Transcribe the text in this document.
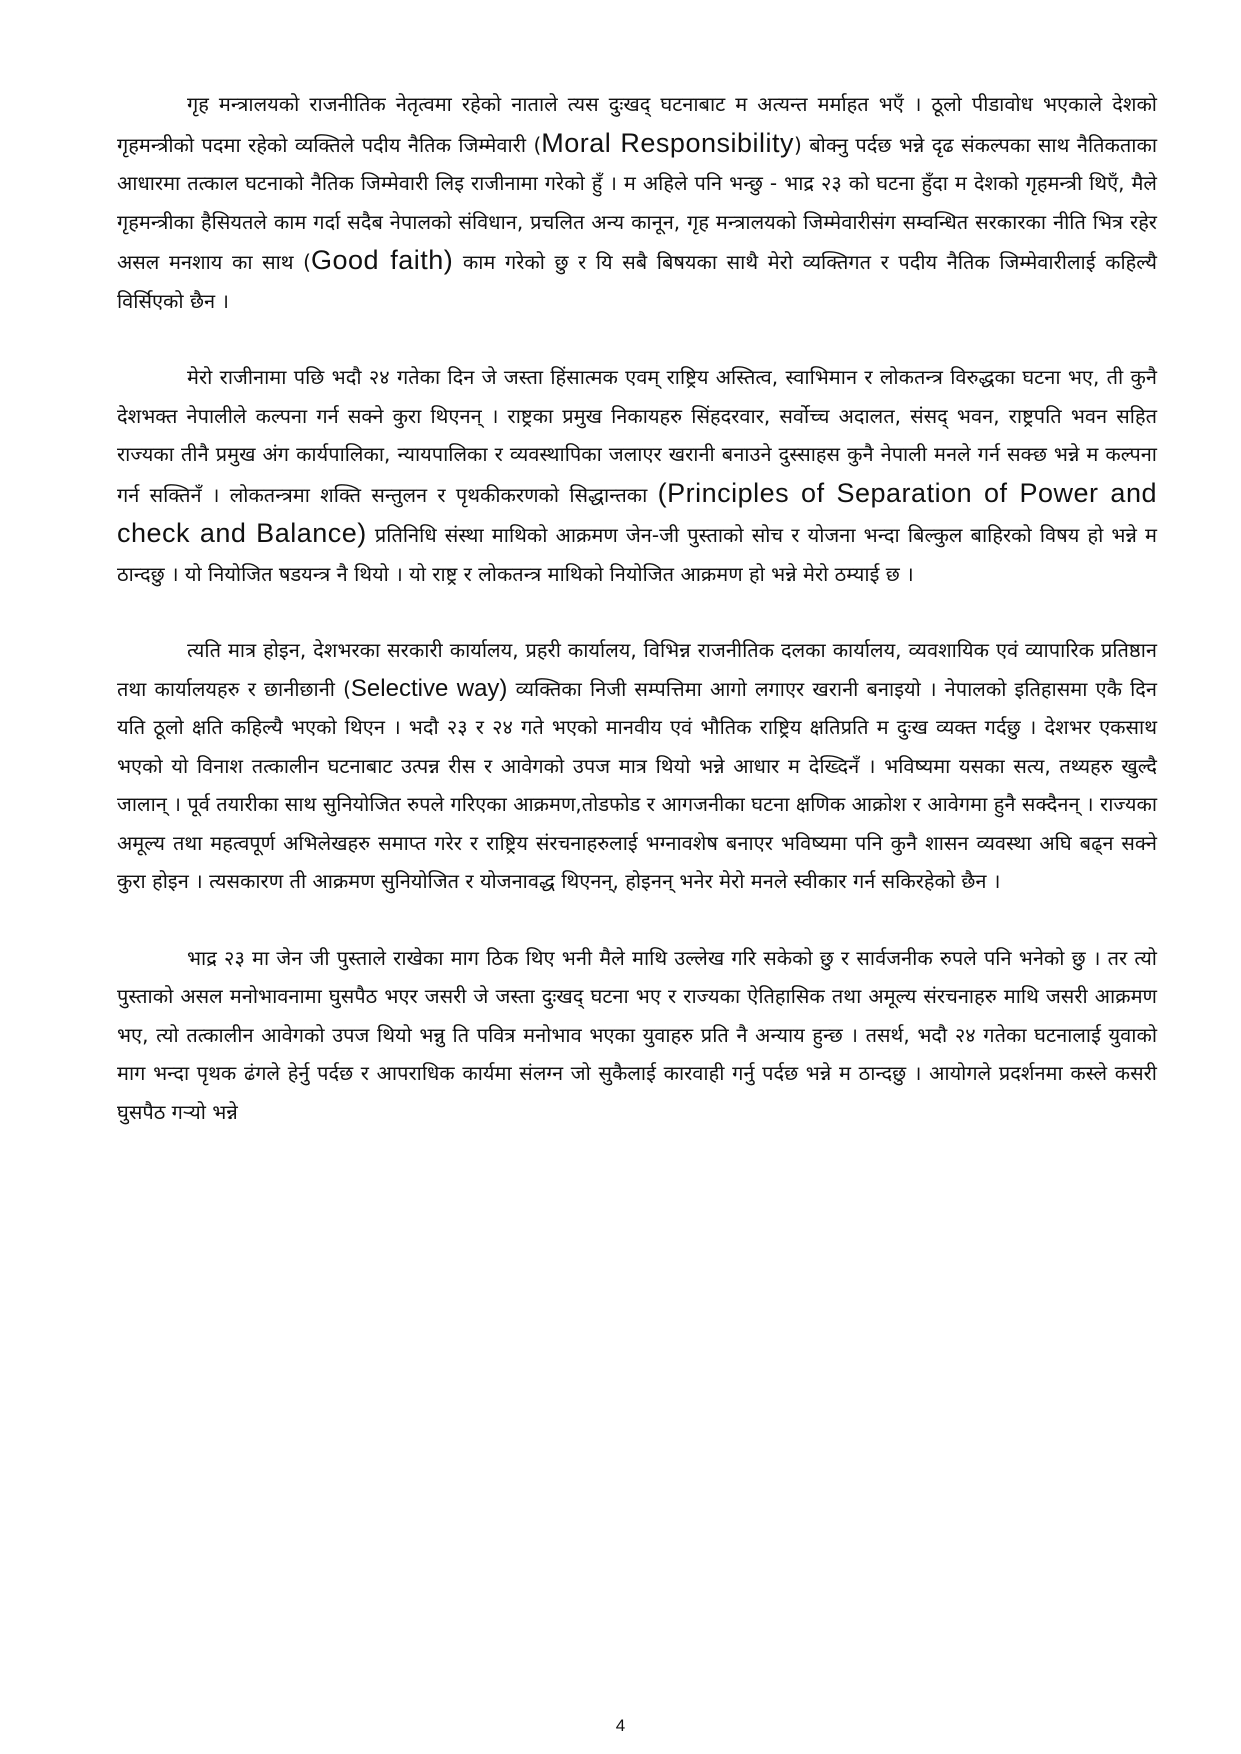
गृह मन्त्रालयको राजनीतिक नेतृत्वमा रहेको नाताले त्यस दुःखद् घटनाबाट म अत्यन्त मर्माहत भएँ । ठूलो पीडावोध भएकाले देशको गृहमन्त्रीको पदमा रहेको व्यक्तिले पदीय नैतिक जिम्मेवारी (Moral Responsibility) बोक्नु पर्दछ भन्ने दृढ संकल्पका साथ नैतिकताका आधारमा तत्काल घटनाको नैतिक जिम्मेवारी लिइ राजीनामा गरेको हुँ । म अहिले पनि भन्छु - भाद्र २३ को घटना हुँदा म देशको गृहमन्त्री थिएँ, मैले गृहमन्त्रीका हैसियतले काम गर्दा सदैब नेपालको संविधान, प्रचलित अन्य कानून, गृह मन्त्रालयको जिम्मेवारीसंग सम्वन्धित सरकारका नीति भित्र रहेर असल मनशाय का साथ (Good faith) काम गरेको छु र यि सबै बिषयका साथै मेरो व्यक्तिगत र पदीय नैतिक जिम्मेवारीलाई कहिल्यै विर्सिएको छैन ।

मेरो राजीनामा पछि भदौ २४ गतेका दिन जे जस्ता हिंसात्मक एवम् राष्ट्रिय अस्तित्व, स्वाभिमान र लोकतन्त्र विरुद्धका घटना भए, ती कुनै देशभक्त नेपालीले कल्पना गर्न सक्ने कुरा थिएनन् । राष्ट्रका प्रमुख निकायहरु सिंहदरवार, सर्वोच्च अदालत, संसद् भवन, राष्ट्रपति भवन सहित राज्यका तीनै प्रमुख अंग कार्यपालिका, न्यायपालिका र व्यवस्थापिका जलाएर खरानी बनाउने दुस्साहस कुनै नेपाली मनले गर्न सक्छ भन्ने म कल्पना गर्न सक्तिनँ । लोकतन्त्रमा शक्ति सन्तुलन र पृथकीकरणको सिद्धान्तका (Principles of Separation of Power and check and Balance) प्रतिनिधि संस्था माथिको आक्रमण जेन-जी पुस्ताको सोच र योजना भन्दा बिल्कुल बाहिरको विषय हो भन्ने म ठान्दछु । यो नियोजित षडयन्त्र नै थियो । यो राष्ट्र र लोकतन्त्र माथिको नियोजित आक्रमण हो भन्ने मेरो ठम्याई छ ।

त्यति मात्र होइन, देशभरका सरकारी कार्यालय, प्रहरी कार्यालय, विभिन्न राजनीतिक दलका कार्यालय, व्यवशायिक एवं व्यापारिक प्रतिष्ठान तथा कार्यालयहरु र छानीछानी (Selective way) व्यक्तिका निजी सम्पत्तिमा आगो लगाएर खरानी बनाइयो । नेपालको इतिहासमा एकै दिन यति ठूलो क्षति कहिल्यै भएको थिएन । भदौ २३ र २४ गते भएको मानवीय एवं भौतिक राष्ट्रिय क्षतिप्रति म दुःख व्यक्त गर्दछु । देशभर एकसाथ भएको यो विनाश तत्कालीन घटनाबाट उत्पन्न रीस र आवेगको उपज मात्र थियो भन्ने आधार म देख्दिनँ । भविष्यमा यसका सत्य, तथ्यहरु खुल्दै जालान् । पूर्व तयारीका साथ सुनियोजित रुपले गरिएका आक्रमण,तोडफोड र आगजनीका घटना क्षणिक आक्रोश र आवेगमा हुनै सक्दैनन् । राज्यका अमूल्य तथा महत्वपूर्ण अभिलेखहरु समाप्त गरेर र राष्ट्रिय संरचनाहरुलाई भग्नावशेष बनाएर भविष्यमा पनि कुनै शासन व्यवस्था अघि बढ्न सक्ने कुरा होइन । त्यसकारण ती आक्रमण सुनियोजित र योजनावद्ध थिएनन्, होइनन् भनेर मेरो मनले स्वीकार गर्न सकिरहेको छैन ।

भाद्र २३ मा जेन जी पुस्ताले राखेका माग ठिक थिए भनी मैले माथि उल्लेख गरि सकेको छु र सार्वजनीक रुपले पनि भनेको छु । तर त्यो पुस्ताको असल मनोभावनामा घुसपैठ भएर जसरी जे जस्ता दुःखद् घटना भए र राज्यका ऐतिहासिक तथा अमूल्य संरचनाहरु माथि जसरी आक्रमण भए, त्यो तत्कालीन आवेगको उपज थियो भन्नु ति पवित्र मनोभाव भएका युवाहरु प्रति नै अन्याय हुन्छ । तसर्थ, भदौ २४ गतेका घटनालाई युवाको माग भन्दा पृथक ढंगले हेर्नु पर्दछ र आपराधिक कार्यमा संलग्न जो सुकैलाई कारवाही गर्नु पर्दछ भन्ने म ठान्दछु । आयोगले प्रदर्शनमा कस्ले कसरी घुसपैठ गर्‍यो भन्ने

4
